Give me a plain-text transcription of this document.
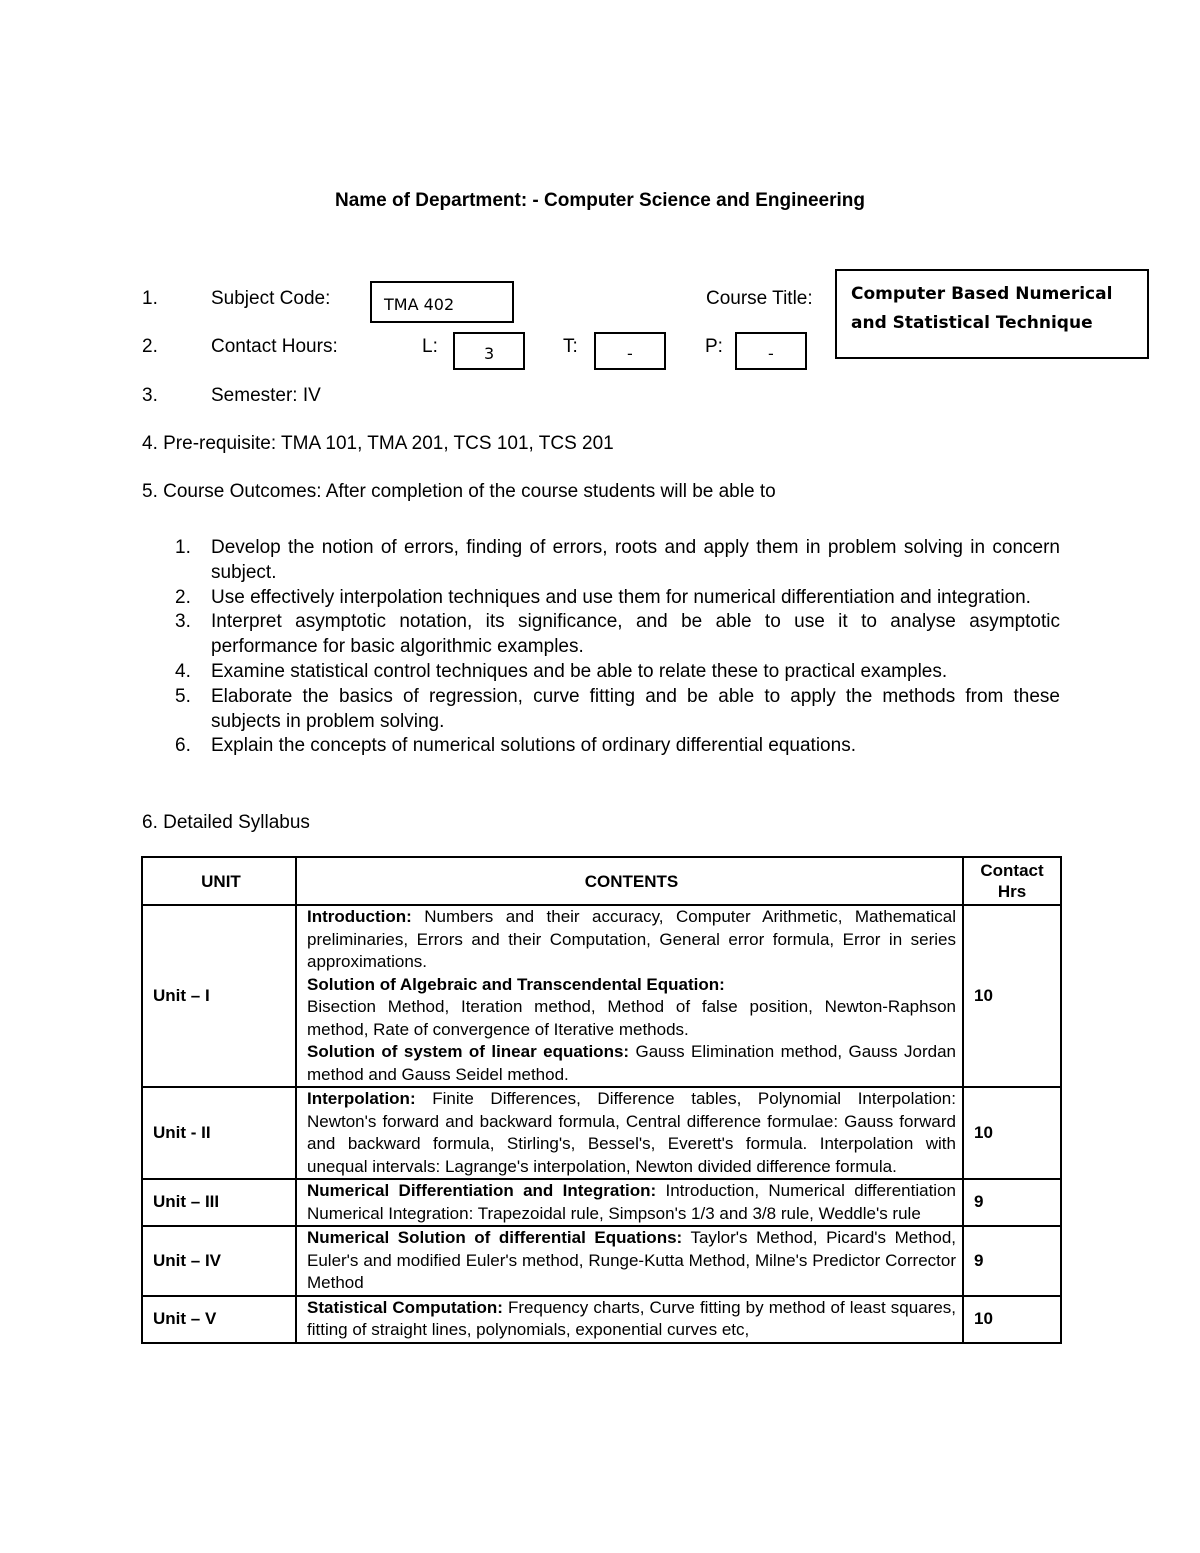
Name of Department: - Computer Science and Engineering
1.	Subject Code:	TMA 402	Course Title: Computer Based Numerical
and Statistical Technique
2.	Contact Hours:	L:	3	T:	-	P:	-
3.	Semester: IV
4. Pre-requisite: TMA 101, TMA 201, TCS 101, TCS 201
5. Course Outcomes: After completion of the course students will be able to
1. Develop the notion of errors, finding of errors, roots and apply them in problem solving in concern subject.
2. Use effectively interpolation techniques and use them for numerical differentiation and integration.
3. Interpret asymptotic notation, its significance, and be able to use it to analyse asymptotic performance for basic algorithmic examples.
4. Examine statistical control techniques and be able to relate these to practical examples.
5. Elaborate the basics of regression, curve fitting and be able to apply the methods from these subjects in problem solving.
6. Explain the concepts of numerical solutions of ordinary differential equations.
6. Detailed Syllabus
UNIT	CONTENTS	Contact Hrs
Unit – I	Introduction: Numbers and their accuracy, Computer Arithmetic, Mathematical preliminaries, Errors and their Computation, General error formula, Error in series approximations.

Solution of Algebraic and Transcendental Equation:

Bisection Method, Iteration method, Method of false position, Newton-Raphson method, Rate of convergence of Iterative methods.

Solution of system of linear equations: Gauss Elimination method, Gauss Jordan method and Gauss Seidel method.	10
Unit - II	Interpolation: Finite Differences, Difference tables, Polynomial Interpolation: Newton's forward and backward formula, Central difference formulae: Gauss forward and backward formula, Stirling's, Bessel's, Everett's formula. Interpolation with unequal intervals: Lagrange's interpolation, Newton divided difference formula.	10
Unit – III	Numerical Differentiation and Integration: Introduction, Numerical differentiation Numerical Integration: Trapezoidal rule, Simpson's 1/3 and 3/8 rule, Weddle's rule	9
Unit – IV	Numerical Solution of differential Equations: Taylor's Method, Picard's Method, Euler's and modified Euler's method, Runge-Kutta Method, Milne's Predictor Corrector Method	9
Unit – V	Statistical Computation: Frequency charts, Curve fitting by method of least squares, fitting of straight lines, polynomials, exponential curves etc,	10
